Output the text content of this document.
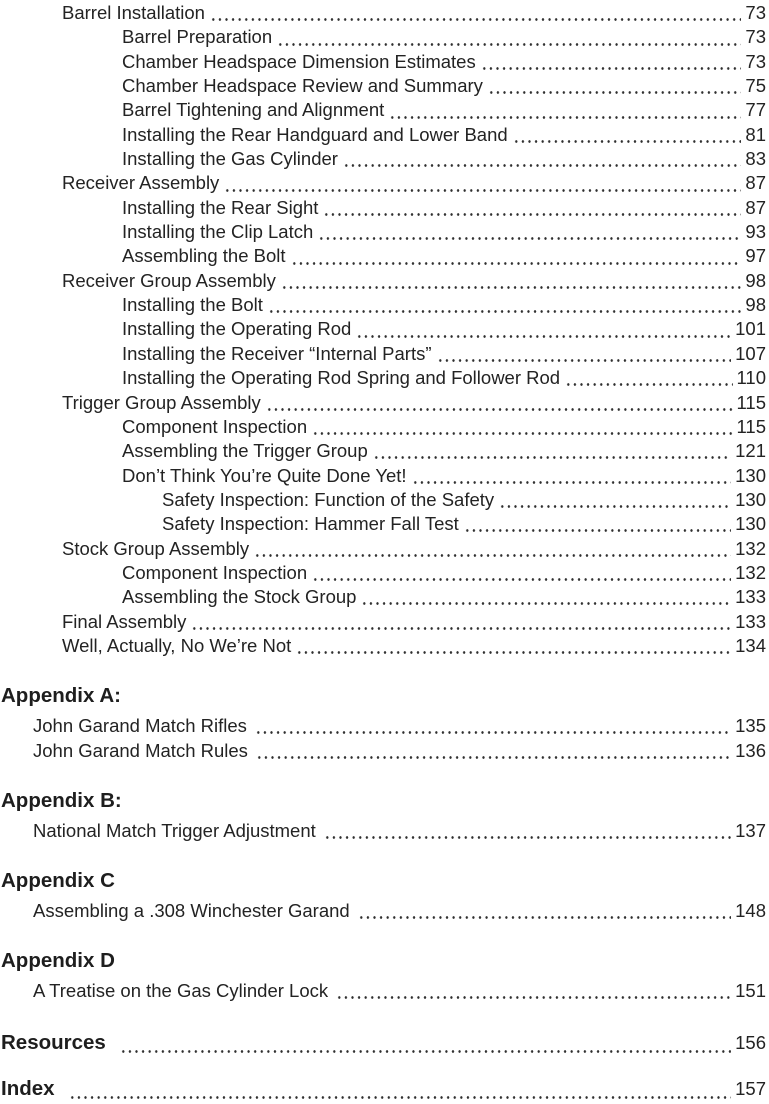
Barrel Installation	73
Barrel Preparation	73
Chamber Headspace Dimension Estimates	73
Chamber Headspace Review and Summary	75
Barrel Tightening and Alignment	77
Installing the Rear Handguard and Lower Band	81
Installing the Gas Cylinder	83
Receiver Assembly	87
Installing the Rear Sight	87
Installing the Clip Latch	93
Assembling the Bolt	97
Receiver Group Assembly	98
Installing the Bolt	98
Installing the Operating Rod	101
Installing the Receiver “Internal Parts”	107
Installing the Operating Rod Spring and Follower Rod	110
Trigger Group Assembly	115
Component Inspection	115
Assembling the Trigger Group	121
Don’t Think You’re Quite Done Yet!	130
Safety Inspection: Function of the Safety	130
Safety Inspection: Hammer Fall Test	130
Stock Group Assembly	132
Component Inspection	132
Assembling the Stock Group	133
Final Assembly	133
Well, Actually, No We’re Not	134
Appendix A:
John Garand Match Rifles	135
John Garand Match Rules	136
Appendix B:
National Match Trigger Adjustment	137
Appendix C
Assembling a .308 Winchester Garand	148
Appendix D
A Treatise on the Gas Cylinder Lock	151
Resources	156
Index	157
